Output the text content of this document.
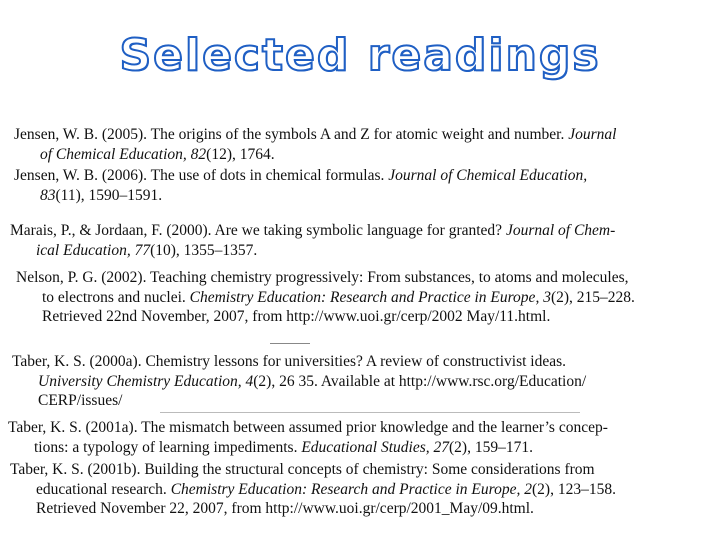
Selected readings
Jensen, W. B. (2005). The origins of the symbols A and Z for atomic weight and number. Journal
of Chemical Education, 82(12), 1764.
Jensen, W. B. (2006). The use of dots in chemical formulas. Journal of Chemical Education,
83(11), 1590–1591.
Marais, P., & Jordaan, F. (2000). Are we taking symbolic language for granted? Journal of Chem-
ical Education, 77(10), 1355–1357.
Nelson, P. G. (2002). Teaching chemistry progressively: From substances, to atoms and molecules,
to electrons and nuclei. Chemistry Education: Research and Practice in Europe, 3(2), 215–228.
Retrieved 22nd November, 2007, from http://www.uoi.gr/cerp/2002 May/11.html.
Taber, K. S. (2000a). Chemistry lessons for universities? A review of constructivist ideas.
University Chemistry Education, 4(2), 26 35. Available at http://www.rsc.org/Education/
CERP/issues/
Taber, K. S. (2001a). The mismatch between assumed prior knowledge and the learner’s concep-
tions: a typology of learning impediments. Educational Studies, 27(2), 159–171.
Taber, K. S. (2001b). Building the structural concepts of chemistry: Some considerations from
educational research. Chemistry Education: Research and Practice in Europe, 2(2), 123–158.
Retrieved November 22, 2007, from http://www.uoi.gr/cerp/2001_May/09.html.
